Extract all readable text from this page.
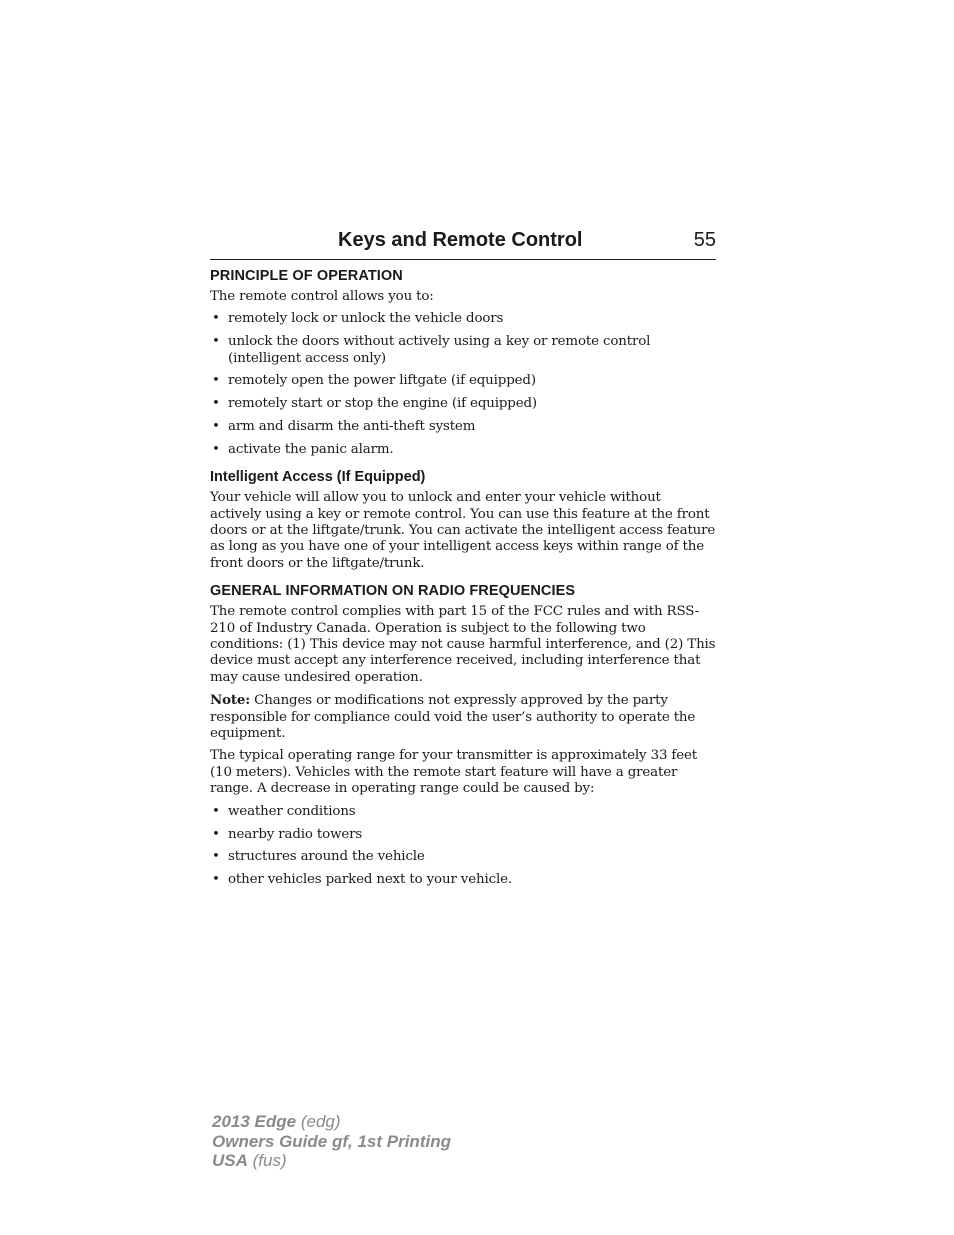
Keys and Remote Control	55
PRINCIPLE OF OPERATION

The remote control allows you to:

• remotely lock or unlock the vehicle doors
• unlock the doors without actively using a key or remote control (intelligent access only)
• remotely open the power liftgate (if equipped)
• remotely start or stop the engine (if equipped)
• arm and disarm the anti-theft system
• activate the panic alarm.
Intelligent Access (If Equipped)

Your vehicle will allow you to unlock and enter your vehicle without actively using a key or remote control. You can use this feature at the front doors or at the liftgate/trunk. You can activate the intelligent access feature as long as you have one of your intelligent access keys within range of the front doors or the liftgate/trunk.

GENERAL INFORMATION ON RADIO FREQUENCIES

The remote control complies with part 15 of the FCC rules and with RSS-210 of Industry Canada. Operation is subject to the following two conditions: (1) This device may not cause harmful interference, and (2) This device must accept any interference received, including interference that may cause undesired operation.

Note: Changes or modifications not expressly approved by the party responsible for compliance could void the user’s authority to operate the equipment.

The typical operating range for your transmitter is approximately 33 feet (10 meters). Vehicles with the remote start feature will have a greater range. A decrease in operating range could be caused by:

• weather conditions
• nearby radio towers
• structures around the vehicle
• other vehicles parked next to your vehicle.
2013 Edge (edg)
Owners Guide gf, 1st Printing
USA (fus)
